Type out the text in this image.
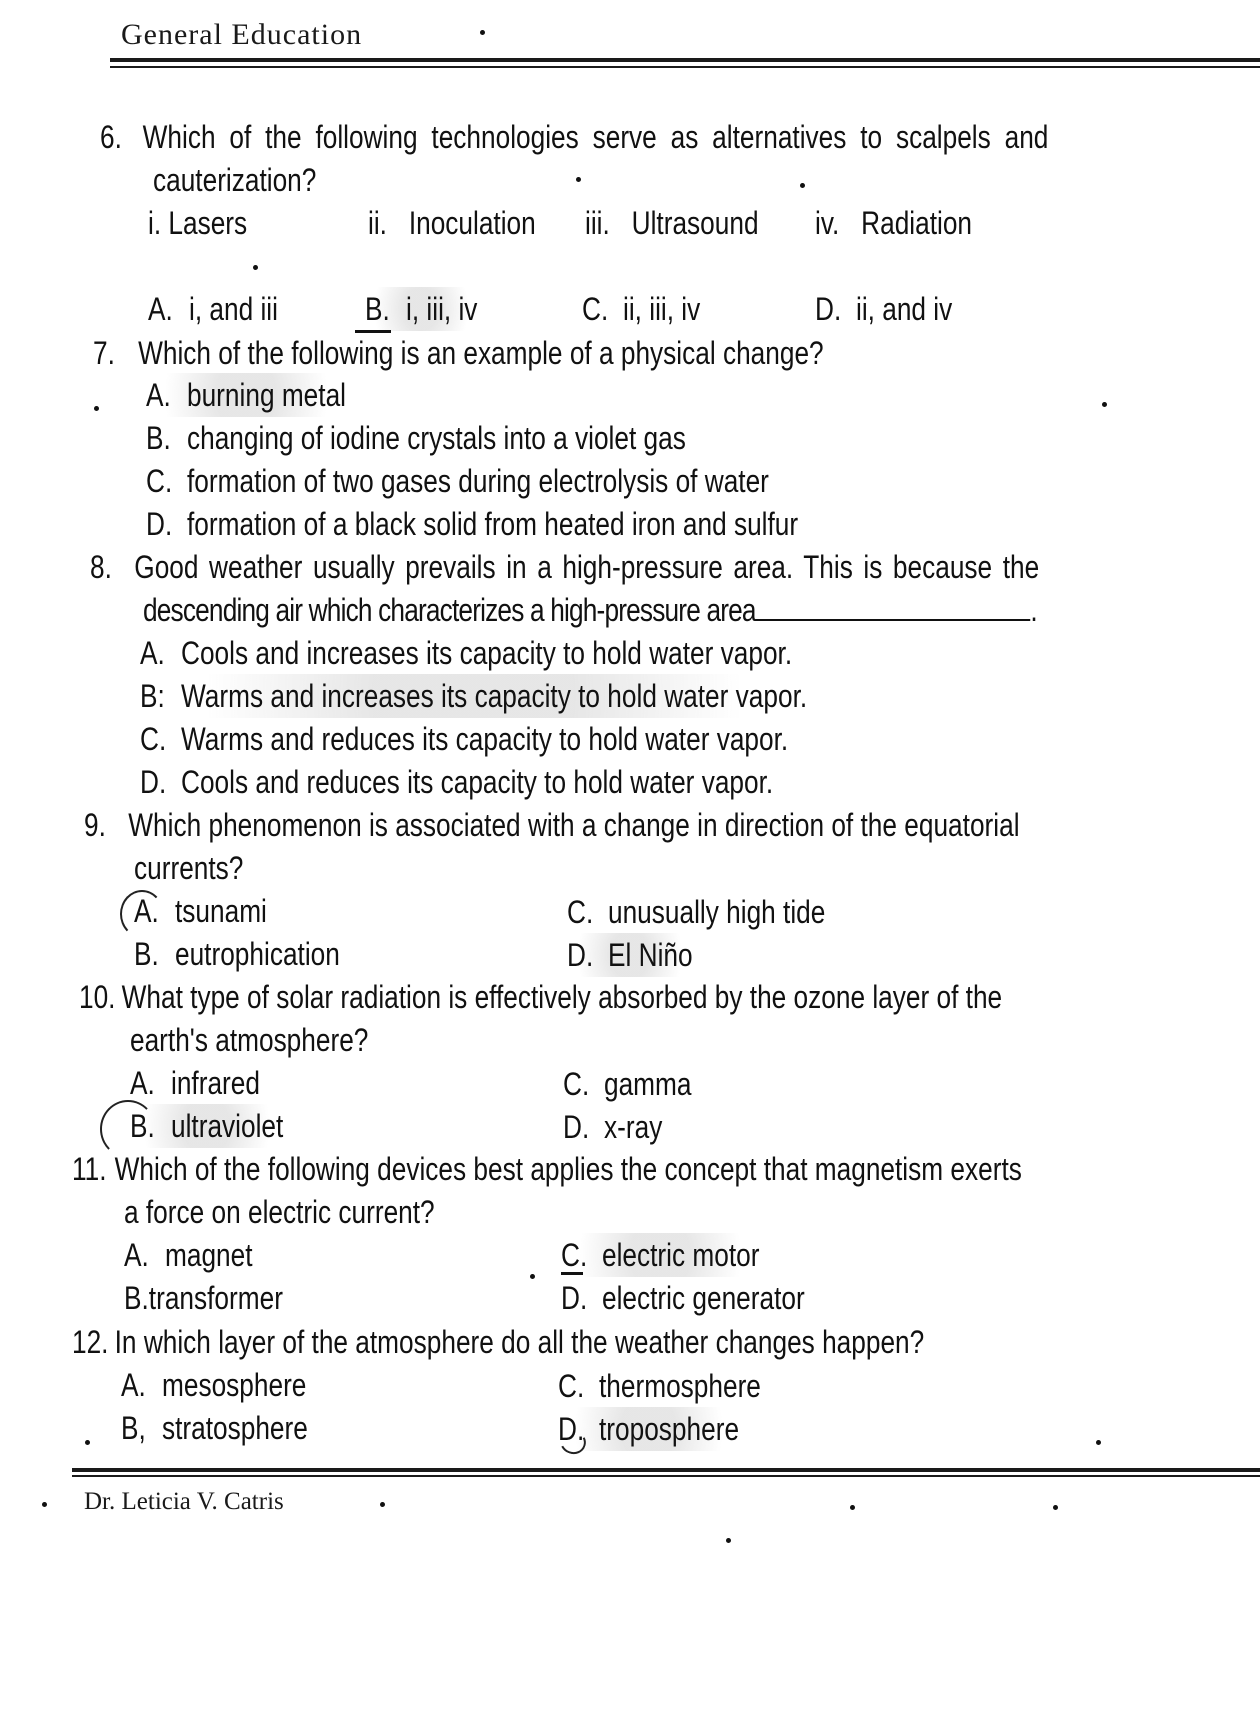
General Education
6. Which of the following technologies serve as alternatives to scalpels and
cauterization?
i. Lasers	ii. Inoculation iii. Ultrasound iv. Radiation
A. i, and iii	B. i, iii, iv	C. ii, iii, iv	D. ii, and iv
7. Which of the following is an example of a physical change?
A. burning metal
B. changing of iodine crystals into a violet gas
C. formation of two gases during electrolysis of water
D. formation of a black solid from heated iron and sulfur
8. Good weather usually prevails in a high-pressure area. This is because the
descending air which characterizes a high-pressure area	.
A. Cools and increases its capacity to hold water vapor.
B: Warms and increases its capacity to hold water vapor.
C. Warms and reduces its capacity to hold water vapor.
D. Cools and reduces its capacity to hold water vapor.
9. Which phenomenon is associated with a change in direction of the equatorial
currents?
A. tsunami
B. eutrophication
C. unusually high tide
D. El Niño
10. What type of solar radiation is effectively absorbed by the ozone layer of the
earth's atmosphere?
A. infrared
B. ultraviolet
C. gamma
D. x-ray
11. Which of the following devices best applies the concept that magnetism exerts
a force on electric current?
A. magnet
B.transformer
C. electric motor
D. electric generator
12. In which layer of the atmosphere do all the weather changes happen?
A. mesosphere
B, stratosphere
C. thermosphere
D. troposphere
Dr. Leticia V. Catris
